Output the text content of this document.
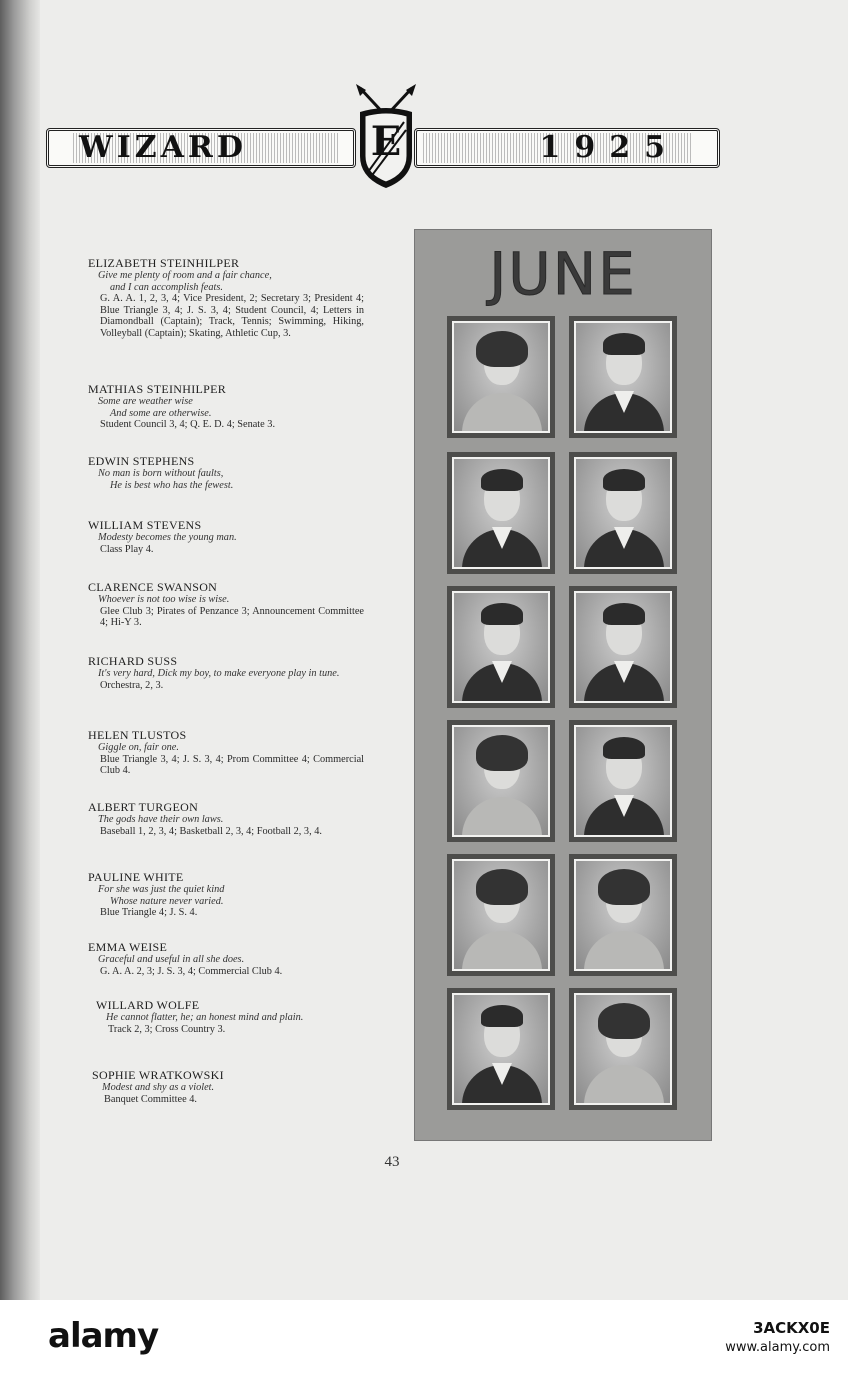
WIZARD	E	1925
ELIZABETH STEINHILPER
Give me plenty of room and a fair chance,
and I can accomplish feats.
G. A. A. 1, 2, 3, 4; Vice President, 2; Secretary 3; President 4; Blue Triangle 3, 4; J. S. 3, 4; Student Council, 4; Letters in Diamondball (Captain); Track, Tennis; Swimming, Hiking, Volleyball (Captain); Skating, Athletic Cup, 3.
MATHIAS STEINHILPER
Some are weather wise
And some are otherwise.
Student Council 3, 4; Q. E. D. 4; Senate 3.
EDWIN STEPHENS
No man is born without faults,
He is best who has the fewest.
WILLIAM STEVENS
Modesty becomes the young man.
Class Play 4.
CLARENCE SWANSON
Whoever is not too wise is wise.
Glee Club 3; Pirates of Penzance 3; Announcement Committee 4; Hi-Y 3.
RICHARD SUSS
It's very hard, Dick my boy, to make everyone play in tune.
Orchestra, 2, 3.
HELEN TLUSTOS
Giggle on, fair one.
Blue Triangle 3, 4; J. S. 3, 4; Prom Committee 4; Commercial Club 4.
ALBERT TURGEON
The gods have their own laws.
Baseball 1, 2, 3, 4; Basketball 2, 3, 4; Football 2, 3, 4.
PAULINE WHITE
For she was just the quiet kind
Whose nature never varied.
Blue Triangle 4; J. S. 4.
EMMA WEISE
Graceful and useful in all she does.
G. A. A. 2, 3; J. S. 3, 4; Commercial Club 4.
WILLARD WOLFE
He cannot flatter, he; an honest mind and plain.
Track 2, 3; Cross Country 3.
SOPHIE WRATKOWSKI
Modest and shy as a violet.
Banquet Committee 4.
JUNE
43
alamy	3ACKX0E
www.alamy.com
